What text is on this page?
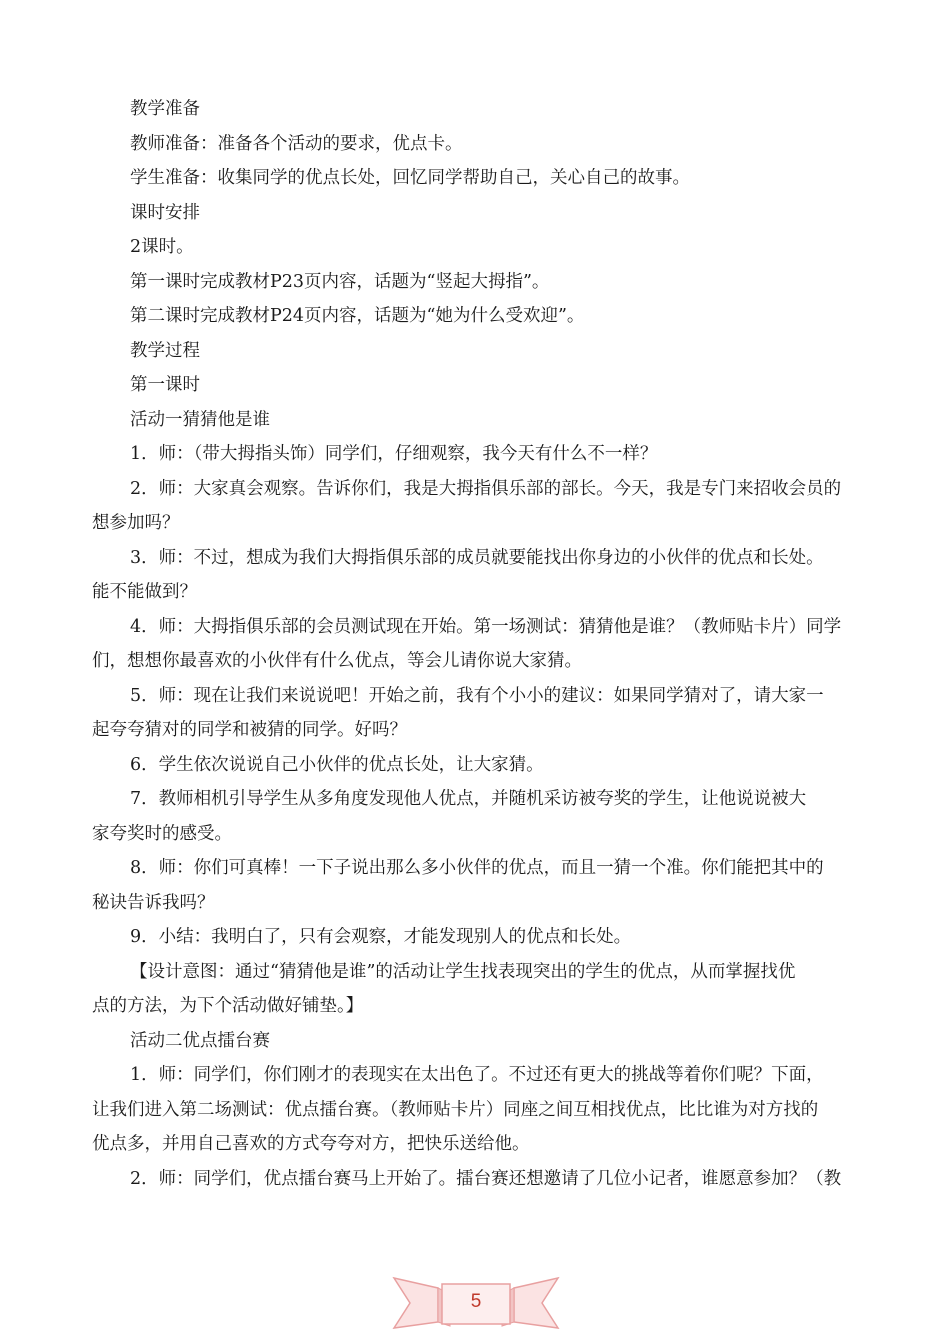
教学准备

教师准备：准备各个活动的要求，优点卡。

学生准备：收集同学的优点长处，回忆同学帮助自己，关心自己的故事。

课时安排

2课时。

第一课时完成教材P23页内容，话题为“竖起大拇指”。

第二课时完成教材P24页内容，话题为“她为什么受欢迎”。

教学过程

第一课时

活动一猜猜他是谁

1．师：（带大拇指头饰）同学们，仔细观察，我今天有什么不一样？

2．师：大家真会观察。告诉你们，我是大拇指俱乐部的部长。今天，我是专门来招收会员的

想参加吗？

3．师：不过，想成为我们大拇指俱乐部的成员就要能找出你身边的小伙伴的优点和长处。

能不能做到？

4．师：大拇指俱乐部的会员测试现在开始。第一场测试：猜猜他是谁？（教师贴卡片）同学

们，想想你最喜欢的小伙伴有什么优点，等会儿请你说大家猜。

5．师：现在让我们来说说吧！开始之前，我有个小小的建议：如果同学猜对了，请大家一

起夸夸猜对的同学和被猜的同学。好吗？

6．学生依次说说自己小伙伴的优点长处，让大家猜。

7．教师相机引导学生从多角度发现他人优点，并随机采访被夸奖的学生，让他说说被大

家夸奖时的感受。

8．师：你们可真棒！一下子说出那么多小伙伴的优点，而且一猜一个准。你们能把其中的

秘诀告诉我吗？

9．小结：我明白了，只有会观察，才能发现别人的优点和长处。

【设计意图：通过“猜猜他是谁”的活动让学生找表现突出的学生的优点，从而掌握找优

点的方法，为下个活动做好铺垫。】

活动二优点擂台赛

1．师：同学们，你们刚才的表现实在太出色了。不过还有更大的挑战等着你们呢？下面，

让我们进入第二场测试：优点擂台赛。（教师贴卡片）同座之间互相找优点，比比谁为对方找的

优点多，并用自己喜欢的方式夸夸对方，把快乐送给他。

2．师：同学们，优点擂台赛马上开始了。擂台赛还想邀请了几位小记者，谁愿意参加？（教

5
